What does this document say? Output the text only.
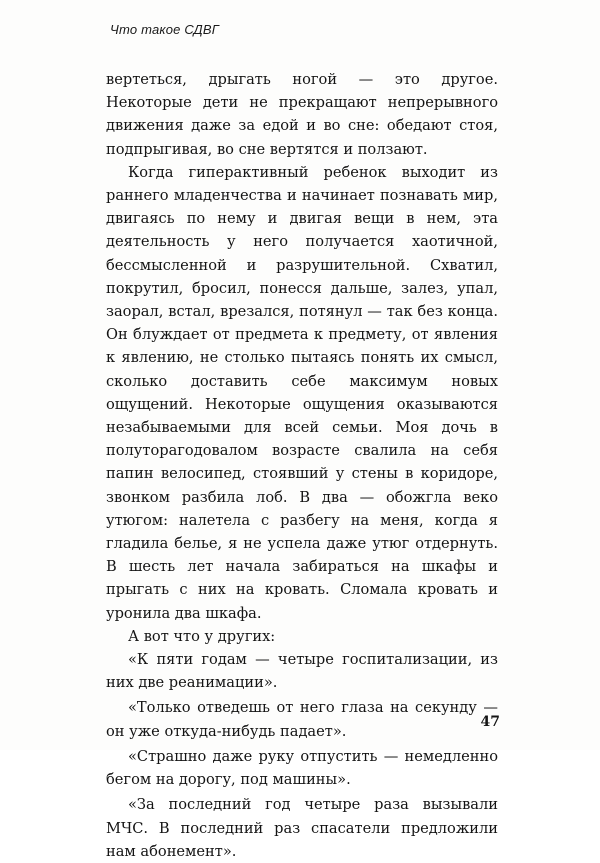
Что такое СДВГ

вертеться, дрыгать ногой — это другое. Некоторые дети не прекращают непрерывного движения даже за едой и во сне: обедают стоя, подпрыгивая, во сне вертятся и ползают.

Когда гиперактивный ребенок выходит из раннего младенчества и начинает познавать мир, двигаясь по нему и двигая вещи в нем, эта деятельность у него получается хаотичной, бессмысленной и разрушительной. Схватил, покрутил, бросил, понесся дальше, залез, упал, заорал, встал, врезался, потянул — так без конца. Он блуждает от предмета к предмету, от явления к явлению, не столько пытаясь понять их смысл, сколько доставить себе максимум новых ощущений. Некоторые ощущения оказываются незабываемыми для всей семьи. Моя дочь в полуторагодовалом возрасте свалила на себя папин велосипед, стоявший у стены в коридоре, звонком разбила лоб. В два — обожгла веко утюгом: налетела с разбегу на меня, когда я гладила белье, я не успела даже утюг отдернуть. В шесть лет начала забираться на шкафы и прыгать с них на кровать. Сломала кровать и уронила два шкафа.

А вот что у других:

«К пяти годам — четыре госпитализации, из них две реанимации».

«Только отведешь от него глаза на секунду — он уже откуда-нибудь падает».

«Страшно даже руку отпустить — немедленно бегом на дорогу, под машины».

«За последний год четыре раза вызывали МЧС. В последний раз спасатели предложили нам абонемент».

47
